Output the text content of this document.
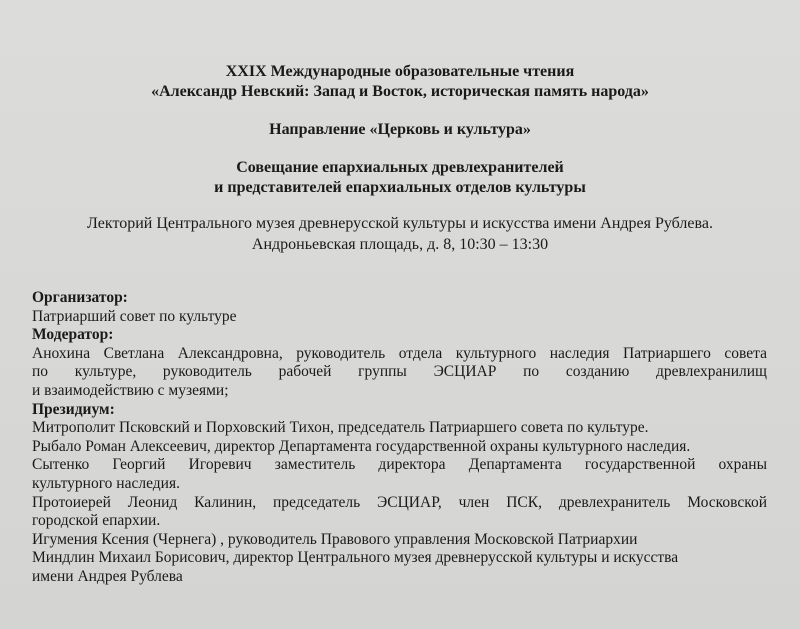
XXIX Международные образовательные чтения
«Александр Невский: Запад и Восток, историческая память народа»
Направление «Церковь и культура»
Совещание епархиальных древлехранителей
и представителей епархиальных отделов культуры
Лекторий Центрального музея древнерусской культуры и искусства имени Андрея Рублева.
Андроньевская площадь, д. 8, 10:30 – 13:30
Организатор:
Патриарший совет по культуре
Модератор:
Анохина Светлана Александровна, руководитель отдела культурного наследия Патриаршего совета
по культуре, руководитель рабочей группы ЭСЦИАР по созданию древлехранилищ
и взаимодействию с музеями;
Президиум:
Митрополит Псковский и Порховский Тихон, председатель Патриаршего совета по культуре.
Рыбало Роман Алексеевич, директор Департамента государственной охраны культурного наследия.
Сытенко Георгий Игоревич заместитель директора Департамента государственной охраны
культурного наследия.
Протоиерей Леонид Калинин, председатель ЭСЦИАР, член ПСК, древлехранитель Московской
городской епархии.
Игумения Ксения (Чернега) , руководитель Правового управления Московской Патриархии
Миндлин Михаил Борисович, директор Центрального музея древнерусской культуры и искусства
имени Андрея Рублева
